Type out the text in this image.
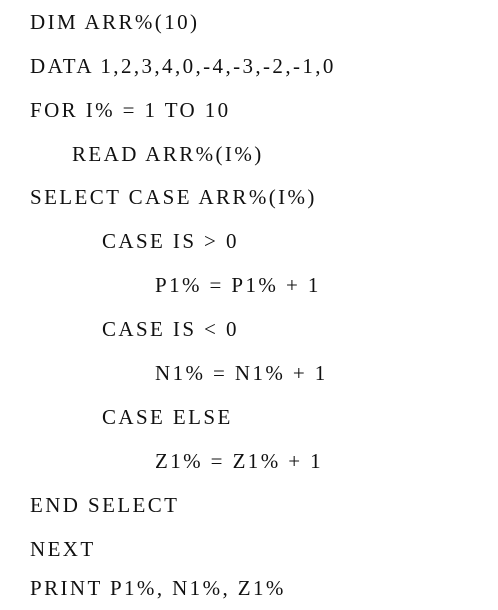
DIM ARR%(10)

DATA 1,2,3,4,0,-4,-3,-2,-1,0

FOR I% = 1 TO 10

READ ARR%(I%)

SELECT CASE ARR%(I%)

CASE IS > 0

P1% = P1% + 1

CASE IS < 0

N1% = N1% + 1

CASE ELSE

Z1% = Z1% + 1

END SELECT

NEXT

PRINT P1%, N1%, Z1%
